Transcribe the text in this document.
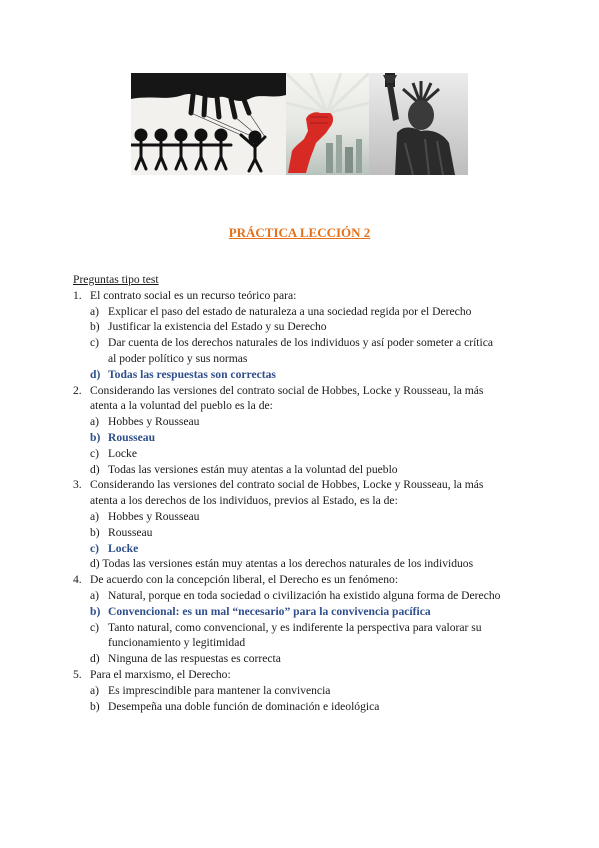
PRÁCTICA LECCIÓN 2
Preguntas tipo test
1. El contrato social es un recurso teórico para:
a) Explicar el paso del estado de naturaleza a una sociedad regida por el Derecho
b) Justificar la existencia del Estado y su Derecho
c) Dar cuenta de los derechos naturales de los individuos y así poder someter a crítica al poder político y sus normas
d) Todas las respuestas son correctas
2. Considerando las versiones del contrato social de Hobbes, Locke y Rousseau, la más atenta a la voluntad del pueblo es la de:
a) Hobbes y Rousseau
b) Rousseau
c) Locke
d) Todas las versiones están muy atentas a la voluntad del pueblo
3. Considerando las versiones del contrato social de Hobbes, Locke y Rousseau, la más atenta a los derechos de los individuos, previos al Estado, es la de:
a) Hobbes y Rousseau
b) Rousseau
c) Locke
d) Todas las versiones están muy atentas a los derechos naturales de los individuos
4. De acuerdo con la concepción liberal, el Derecho es un fenómeno:
a) Natural, porque en toda sociedad o civilización ha existido alguna forma de Derecho
b) Convencional: es un mal “necesario” para la convivencia pacífica
c) Tanto natural, como convencional, y es indiferente la perspectiva para valorar su funcionamiento y legitimidad
d) Ninguna de las respuestas es correcta
5. Para el marxismo, el Derecho:
a) Es imprescindible para mantener la convivencia
b) Desempeña una doble función de dominación e ideológica
